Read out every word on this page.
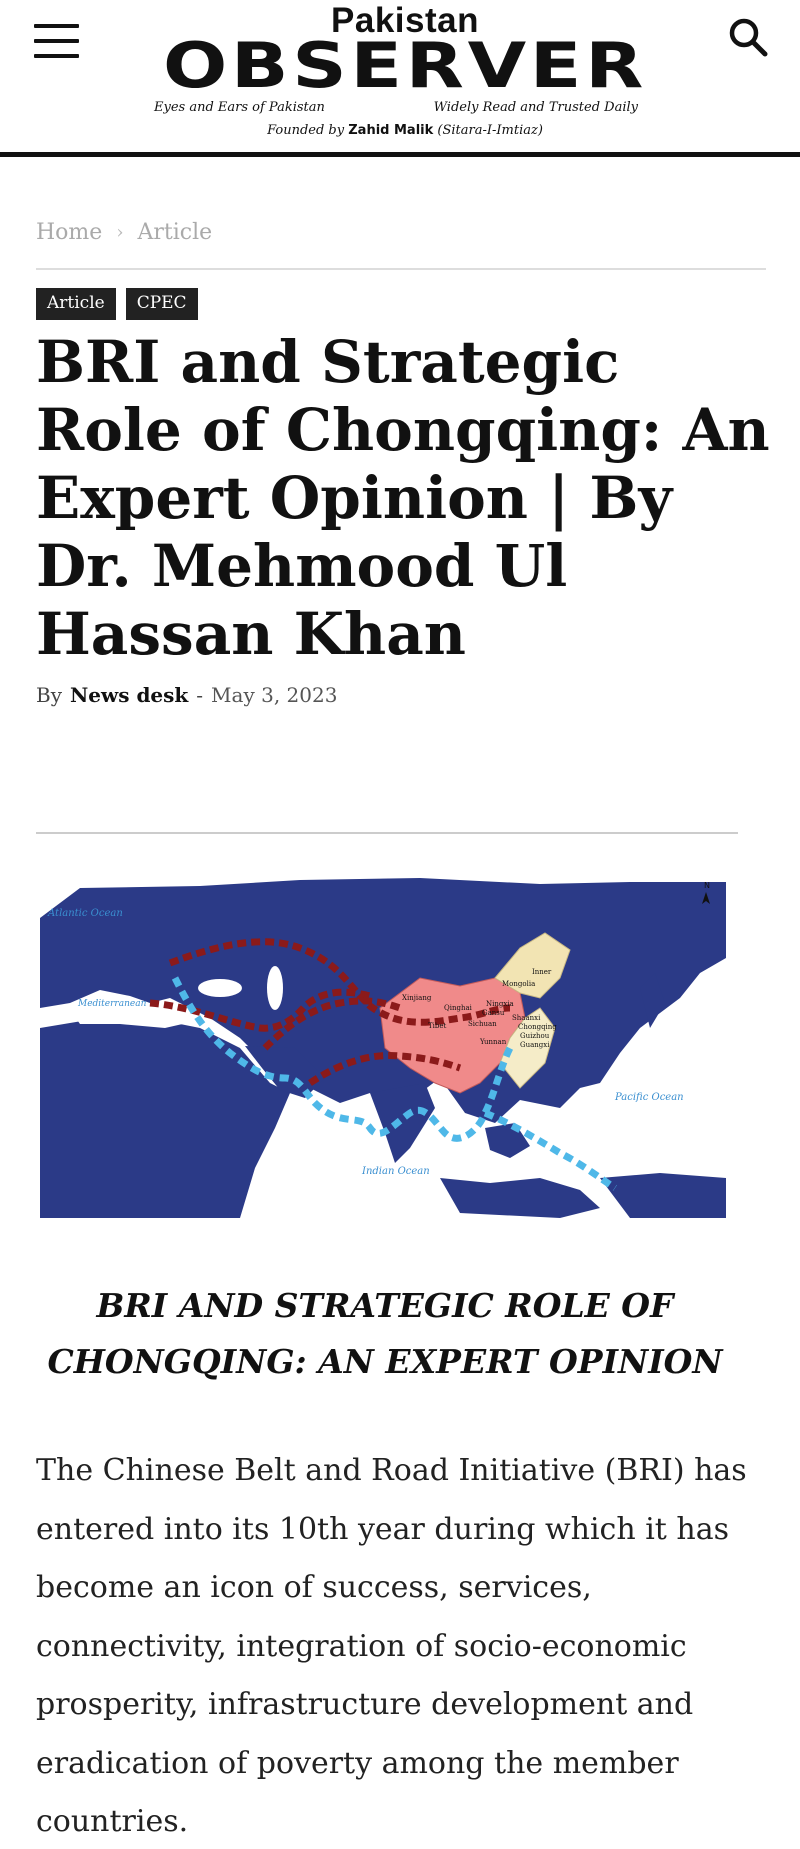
Pakistan
OBSERVER
Eyes and Ears of Pakistan	Widely Read and Trusted Daily
Founded by Zahid Malik (Sitara-I-Imtiaz)
Home › Article
Article	CPEC
BRI and Strategic Role of Chongqing: An Expert Opinion | By Dr. Mehmood Ul Hassan Khan
By News desk - May 3, 2023
Atlantic Ocean
Mediterranean
Indian Ocean
Pacific Ocean
N
Inner
Mongolia
Xinjiang
Qinghai Ningxia
Gansu
Tibet	Sichuan
Shaanxi
Chongqing
Guizhou
Guangxi
Yunnan
BRI AND STRATEGIC ROLE OF
CHONGQING: AN EXPERT OPINION

The Chinese Belt and Road Initiative (BRI) has entered into its 10th year during which it has become an icon of success, services, connectivity, integration of socio-economic prosperity, infrastructure development and eradication of poverty among the member countries.
